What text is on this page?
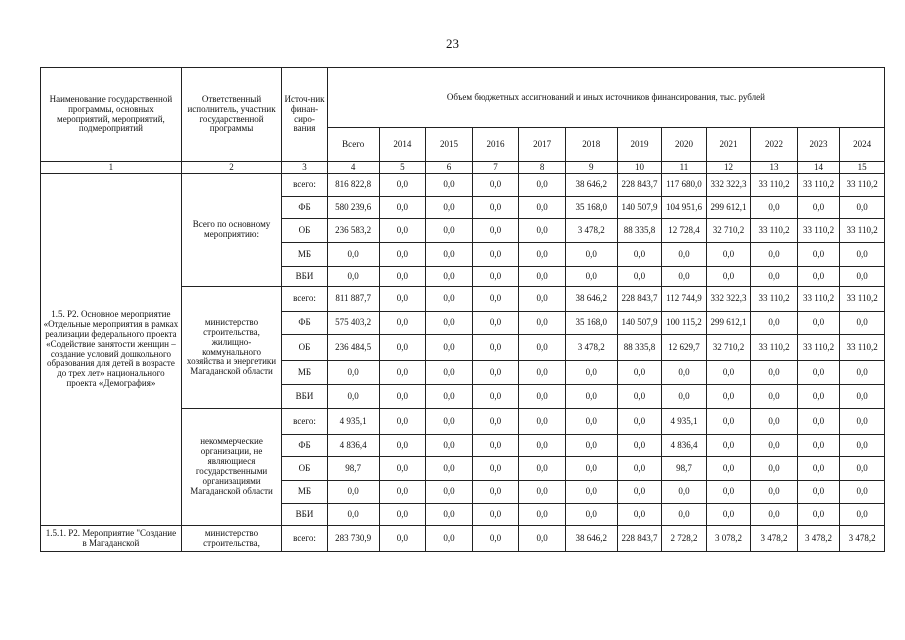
23
Наименование государственной программы, основных мероприятий, мероприятий, подмероприятий	Ответственный исполнитель, участник государственной программы	Источ-ник финан-сиро-вания	Объем бюджетных ассигнований и иных источников финансирования, тыс. рублей											
			Всего	2014	2015	2016	2017	2018	2019	2020	2021	2022	2023	2024
1	2	3	4	5	6	7	8	9	10	11	12	13	14	15
1.5. Р2. Основное мероприятие «Отдельные мероприятия в рамках реализации федерального проекта «Содействие занятости женщин – создание условий дошкольного образования для детей в возрасте до трех лет» национального проекта «Демография»	Всего по основному мероприятию:	всего:	816 822,8	0,0	0,0	0,0	0,0	38 646,2	228 843,7	117 680,0	332 322,3	33 110,2	33 110,2	33 110,2
		ФБ	580 239,6	0,0	0,0	0,0	0,0	35 168,0	140 507,9	104 951,6	299 612,1	0,0	0,0	0,0
		ОБ	236 583,2	0,0	0,0	0,0	0,0	3 478,2	88 335,8	12 728,4	32 710,2	33 110,2	33 110,2	33 110,2
		МБ	0,0	0,0	0,0	0,0	0,0	0,0	0,0	0,0	0,0	0,0	0,0	0,0
		ВБИ	0,0	0,0	0,0	0,0	0,0	0,0	0,0	0,0	0,0	0,0	0,0	0,0
	министерство строительства, жилищно-коммунального хозяйства и энергетики Магаданской области	всего:	811 887,7	0,0	0,0	0,0	0,0	38 646,2	228 843,7	112 744,9	332 322,3	33 110,2	33 110,2	33 110,2
		ФБ	575 403,2	0,0	0,0	0,0	0,0	35 168,0	140 507,9	100 115,2	299 612,1	0,0	0,0	0,0
		ОБ	236 484,5	0,0	0,0	0,0	0,0	3 478,2	88 335,8	12 629,7	32 710,2	33 110,2	33 110,2	33 110,2
		МБ	0,0	0,0	0,0	0,0	0,0	0,0	0,0	0,0	0,0	0,0	0,0	0,0
		ВБИ	0,0	0,0	0,0	0,0	0,0	0,0	0,0	0,0	0,0	0,0	0,0	0,0
	некоммерческие организации, не являющиеся государственными организациями Магаданской области	всего:	4 935,1	0,0	0,0	0,0	0,0	0,0	0,0	4 935,1	0,0	0,0	0,0	0,0
		ФБ	4 836,4	0,0	0,0	0,0	0,0	0,0	0,0	4 836,4	0,0	0,0	0,0	0,0
		ОБ	98,7	0,0	0,0	0,0	0,0	0,0	0,0	98,7	0,0	0,0	0,0	0,0
		МБ	0,0	0,0	0,0	0,0	0,0	0,0	0,0	0,0	0,0	0,0	0,0	0,0
		ВБИ	0,0	0,0	0,0	0,0	0,0	0,0	0,0	0,0	0,0	0,0	0,0	0,0
1.5.1. Р2. Мероприятие "Создание в Магаданской	министерство строительства,	всего:	283 730,9	0,0	0,0	0,0	0,0	38 646,2	228 843,7	2 728,2	3 078,2	3 478,2	3 478,2	3 478,2
